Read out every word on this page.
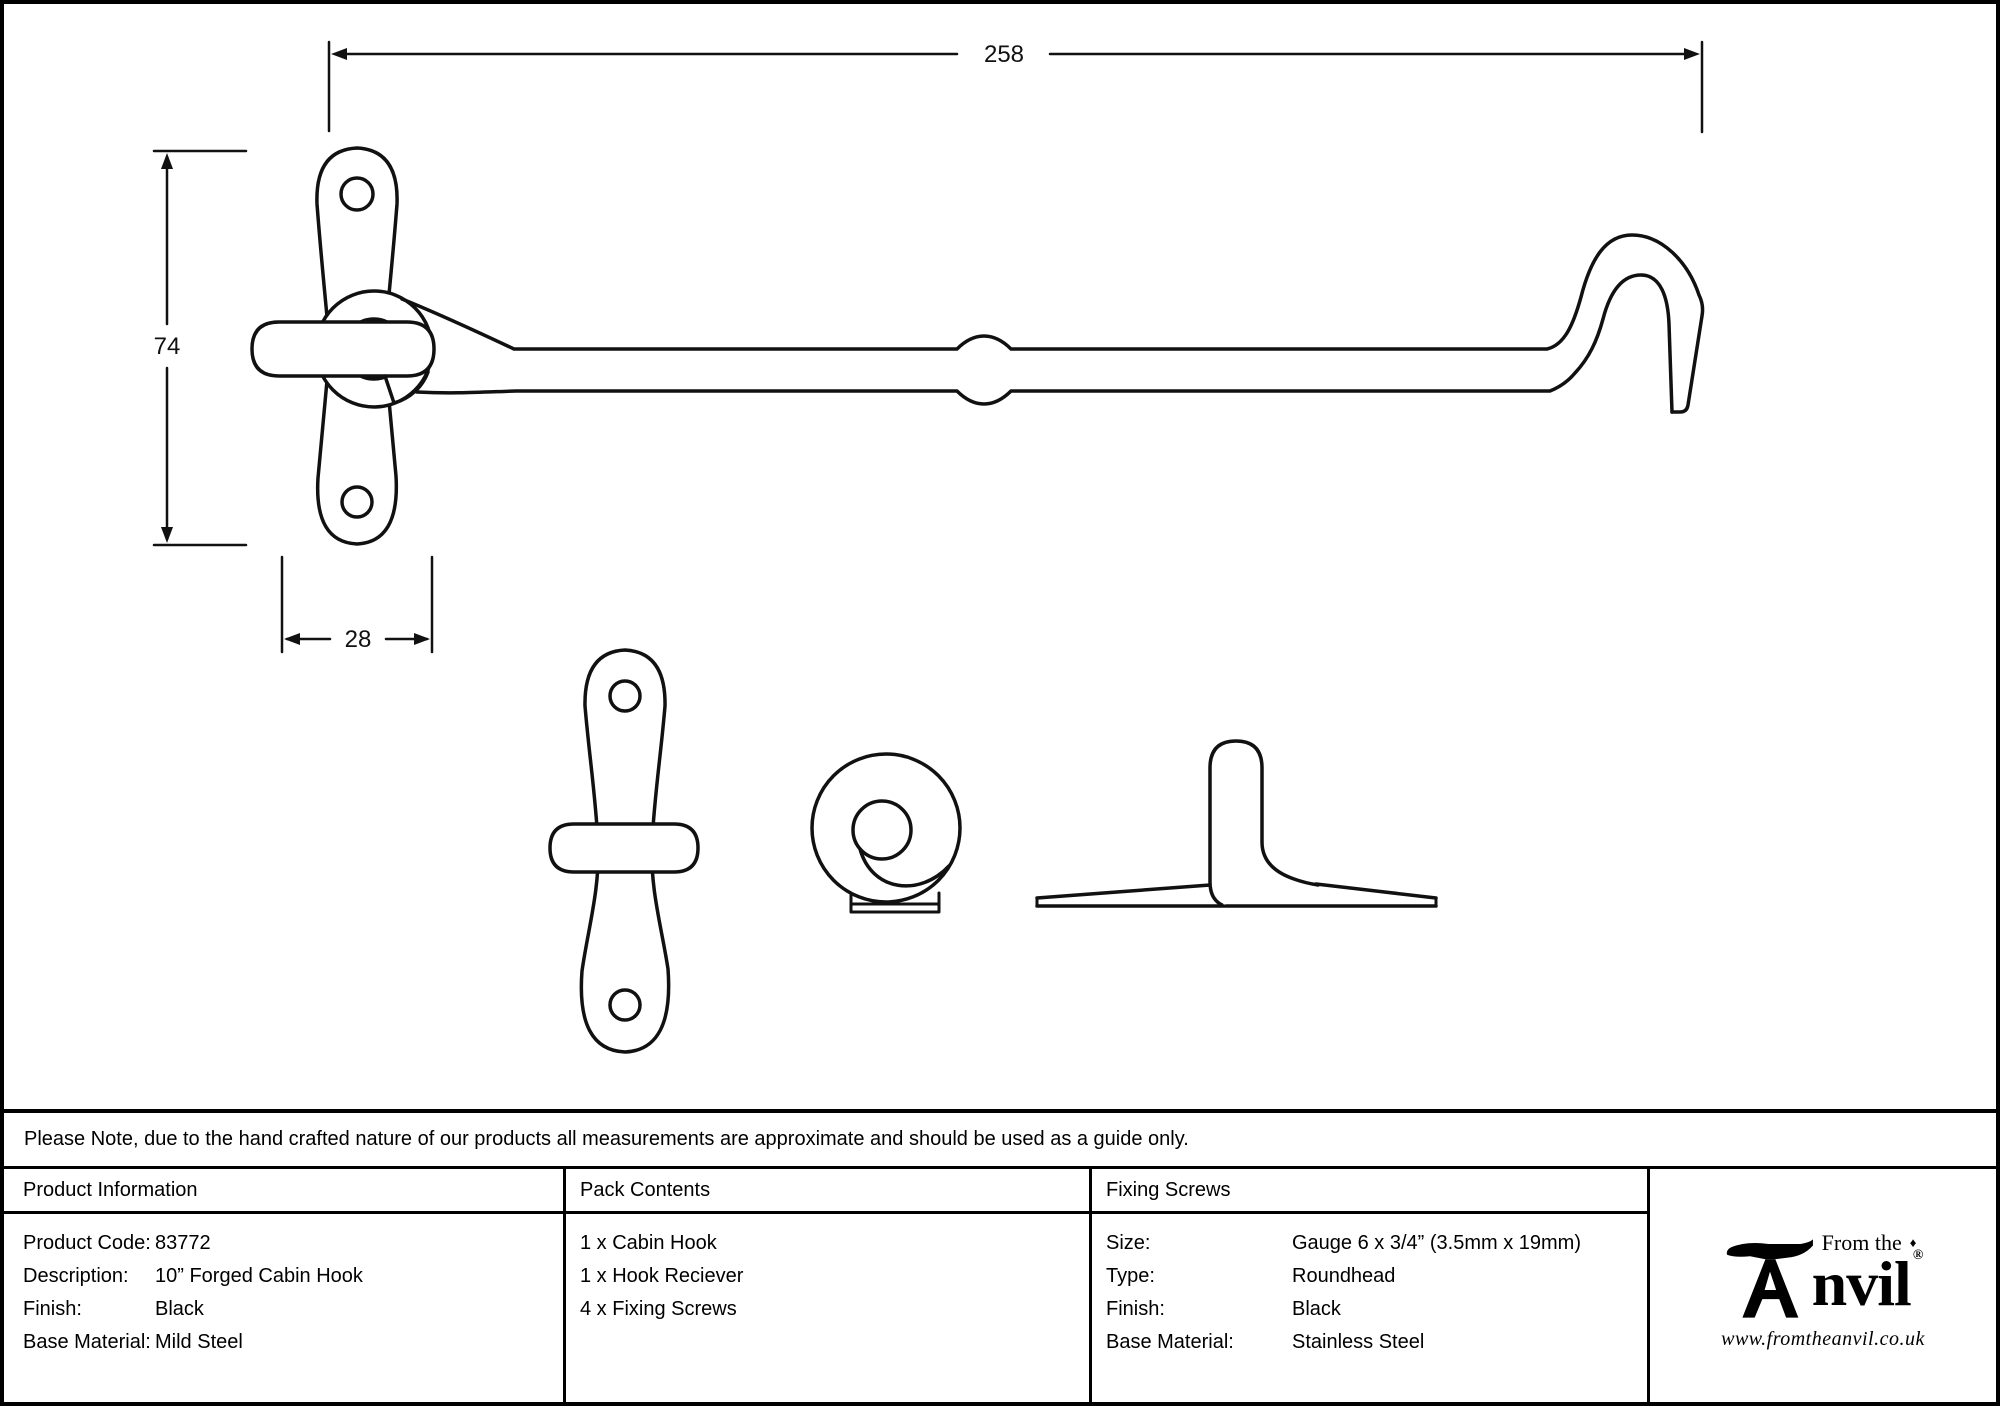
258
74
28
Please Note, due to the hand crafted nature of our products all measurements are approximate and should be used as a guide only.
Product Information
Product Code: 83772
Description:	10” Forged Cabin Hook
Finish:	Black
Base Material: Mild Steel
Pack Contents
1 x Cabin Hook
1 x Hook Reciever
4 x Fixing Screws
Fixing Screws
Size:	Gauge 6 x 3/4” (3.5mm x 19mm)
Type:	Roundhead
Finish:	Black
Base Material:	Stainless Steel
From the ♦
nvil ®
www.fromtheanvil.co.uk
